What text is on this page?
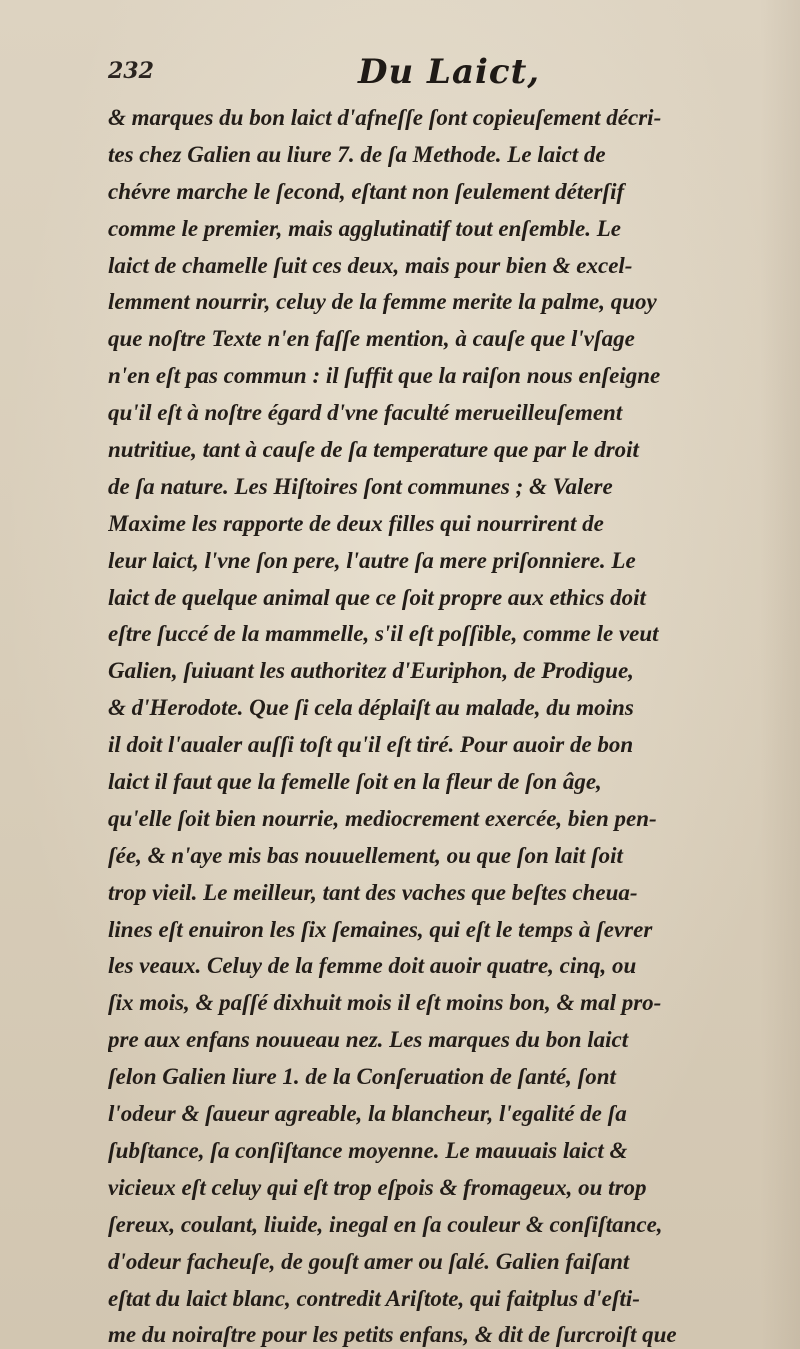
232	Du Laict,
& marques du bon laict d'afneſſe ſont copieuſement décri-
tes chez Galien au liure 7. de ſa Methode. Le laict de
chévre marche le ſecond, eſtant non ſeulement déterſif
comme le premier, mais agglutinatif tout enſemble. Le
laict de chamelle ſuit ces deux, mais pour bien & excel-
lemment nourrir, celuy de la femme merite la palme, quoy
que noſtre Texte n'en faſſe mention, à cauſe que l'vſage
n'en eſt pas commun : il ſuffit que la raiſon nous enſeigne
qu'il eſt à noſtre égard d'vne faculté merueilleuſement
nutritiue, tant à cauſe de ſa temperature que par le droit
de ſa nature. Les Hiſtoires ſont communes ; & Valere
Maxime les rapporte de deux filles qui nourrirent de
leur laict, l'vne ſon pere, l'autre ſa mere priſonniere. Le
laict de quelque animal que ce ſoit propre aux ethics doit
eſtre ſuccé de la mammelle, s'il eſt poſſible, comme le veut
Galien, ſuiuant les authoritez d'Euriphon, de Prodigue,
& d'Herodote. Que ſi cela déplaiſt au malade, du moins
il doit l'aualer auſſi toſt qu'il eſt tiré. Pour auoir de bon
laict il faut que la femelle ſoit en la fleur de ſon âge,
qu'elle ſoit bien nourrie, mediocrement exercée, bien pen-
ſée, & n'aye mis bas nouuellement, ou que ſon lait ſoit
trop vieil. Le meilleur, tant des vaches que beſtes cheua-
lines eſt enuiron les ſix ſemaines, qui eſt le temps à ſevrer
les veaux. Celuy de la femme doit auoir quatre, cinq, ou
ſix mois, & paſſé dixhuit mois il eſt moins bon, & mal pro-
pre aux enfans nouueau nez. Les marques du bon laict
ſelon Galien liure 1. de la Conſeruation de ſanté, ſont
l'odeur & ſaueur agreable, la blancheur, l'egalité de ſa
ſubſtance, ſa conſiſtance moyenne. Le mauuais laict &
vicieux eſt celuy qui eſt trop eſpois & fromageux, ou trop
ſereux, coulant, liuide, inegal en ſa couleur & conſiſtance,
d'odeur facheuſe, de gouſt amer ou ſalé. Galien faiſant
eſtat du laict blanc, contredit Ariſtote, qui faitplus d'eſti-
me du noiraſtre pour les petits enfans, & dit de ſurcroiſt que
